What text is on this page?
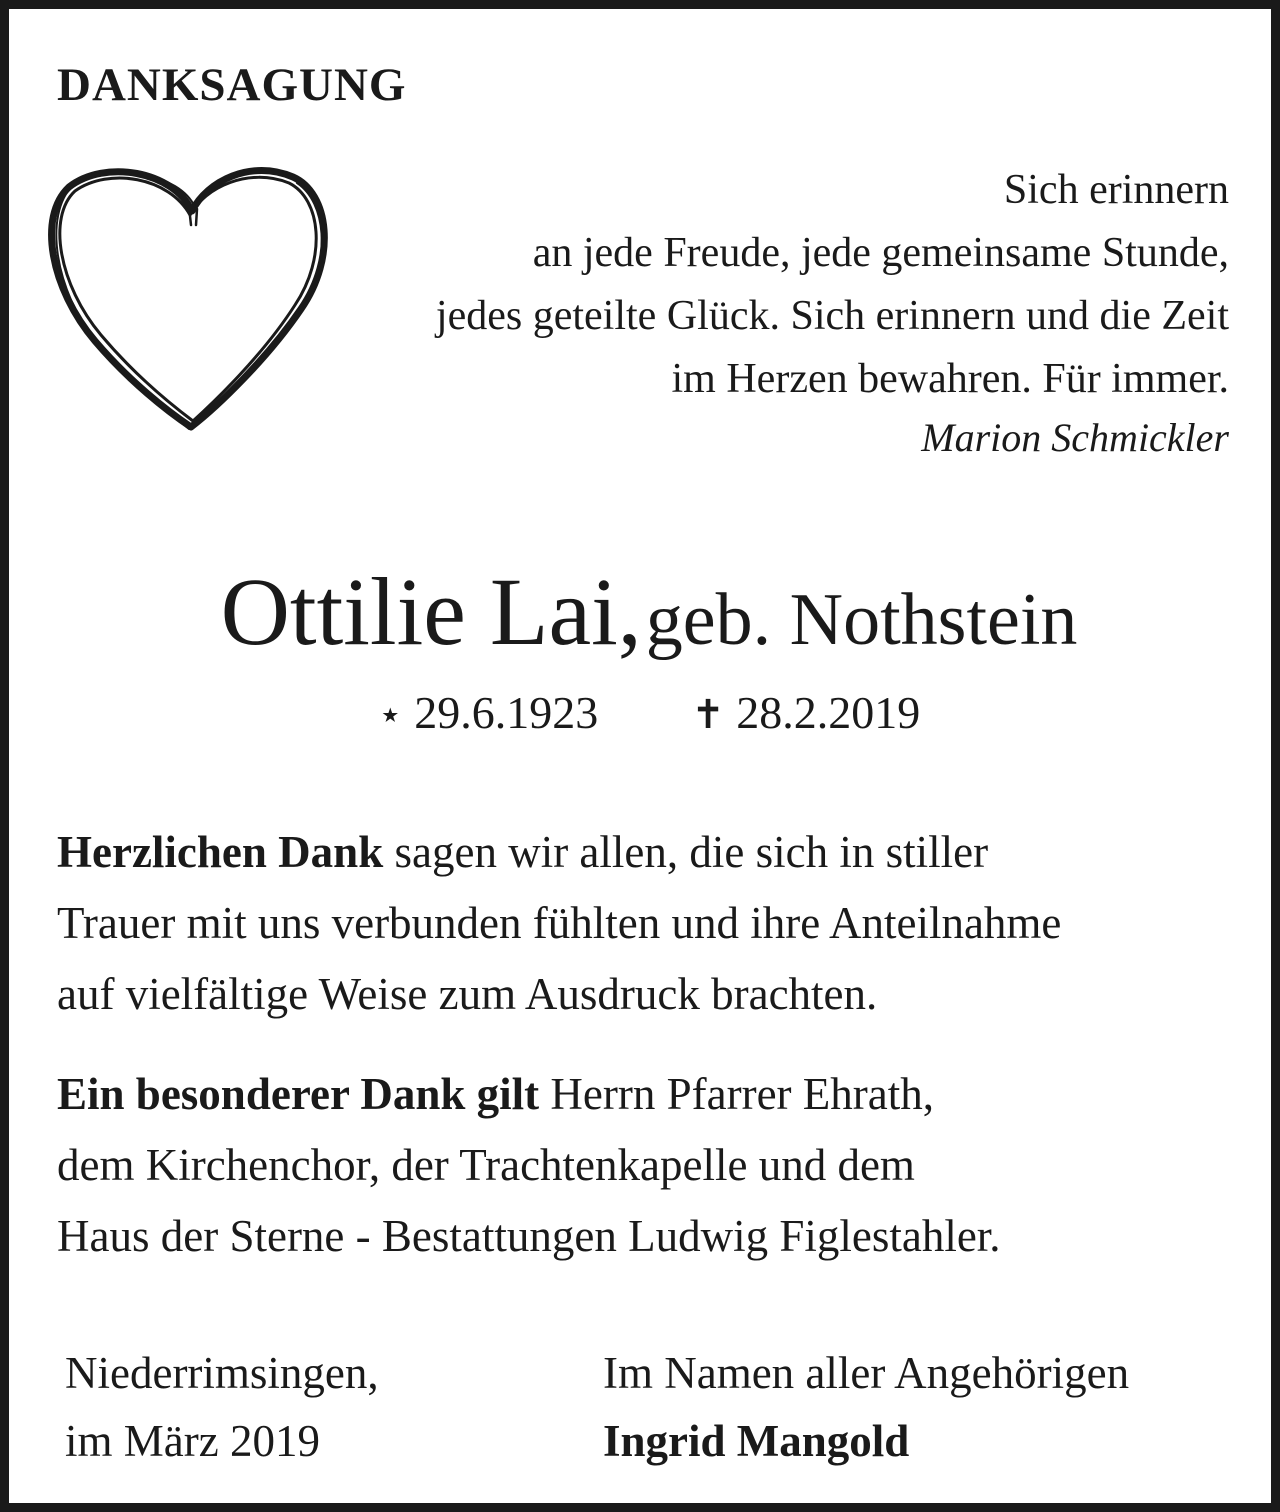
DANKSAGUNG
Sich erinnern
an jede Freude, jede gemeinsame Stunde,
jedes geteilte Glück. Sich erinnern und die Zeit
im Herzen bewahren. Für immer.
Marion Schmickler
Ottilie Lai, geb. Nothstein
⋆ 29.6.1923 ✝ 28.2.2019
Herzlichen Dank sagen wir allen, die sich in stiller
Trauer mit uns verbunden fühlten und ihre Anteilnahme
auf vielfältige Weise zum Ausdruck brachten.
Ein besonderer Dank gilt Herrn Pfarrer Ehrath,
dem Kirchenchor, der Trachtenkapelle und dem
Haus der Sterne - Bestattungen Ludwig Figlestahler.
Niederrimsingen,
im März 2019
Im Namen aller Angehörigen
Ingrid Mangold
